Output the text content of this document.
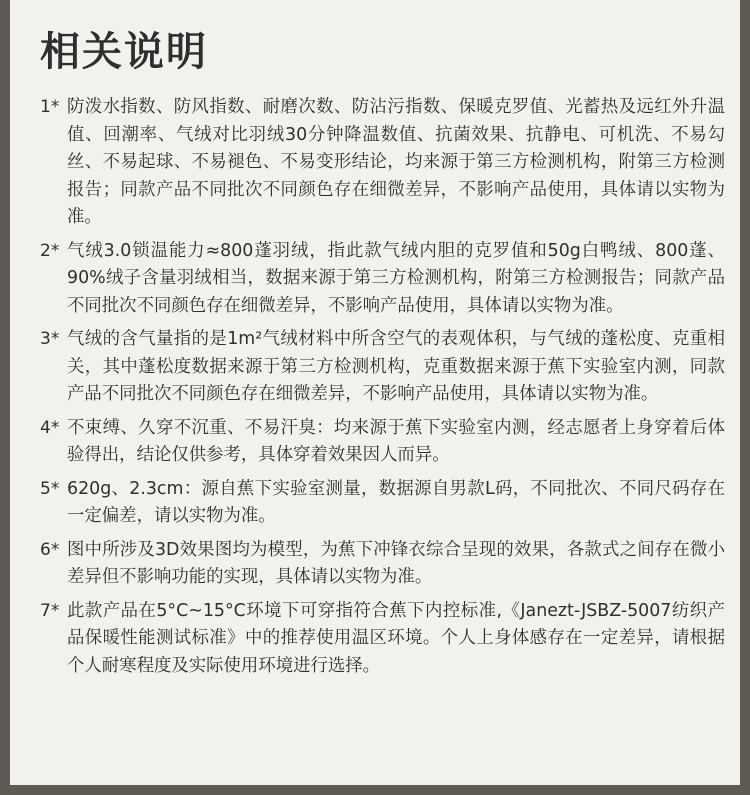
相关说明
1* 防泼水指数、防风指数、耐磨次数、防沾污指数、保暖克罗值、光蓄热及远红外升温值、回潮率、气绒对比羽绒30分钟降温数值、抗菌效果、抗静电、可机洗、不易勾丝、不易起球、不易褪色、不易变形结论，均来源于第三方检测机构，附第三方检测报告；同款产品不同批次不同颜色存在细微差异，不影响产品使用，具体请以实物为准。
2* 气绒3.0锁温能力≈800蓬羽绒，指此款气绒内胆的克罗值和50g白鸭绒、800蓬、90%绒子含量羽绒相当，数据来源于第三方检测机构，附第三方检测报告；同款产品不同批次不同颜色存在细微差异，不影响产品使用，具体请以实物为准。
3* 气绒的含气量指的是1m²气绒材料中所含空气的表观体积，与气绒的蓬松度、克重相关，其中蓬松度数据来源于第三方检测机构，克重数据来源于蕉下实验室内测，同款产品不同批次不同颜色存在细微差异，不影响产品使用，具体请以实物为准。
4* 不束缚、久穿不沉重、不易汗臭：均来源于蕉下实验室内测，经志愿者上身穿着后体验得出，结论仅供参考，具体穿着效果因人而异。
5* 620g、2.3cm：源自蕉下实验室测量，数据源自男款L码，不同批次、不同尺码存在一定偏差，请以实物为准。
6* 图中所涉及3D效果图均为模型，为蕉下冲锋衣综合呈现的效果，各款式之间存在微小差异但不影响功能的实现，具体请以实物为准。
7* 此款产品在5°C~15°C环境下可穿指符合蕉下内控标准,《Janezt-JSBZ-5007纺织产品保暖性能测试标准》中的推荐使用温区环境。个人上身体感存在一定差异，请根据个人耐寒程度及实际使用环境进行选择。
